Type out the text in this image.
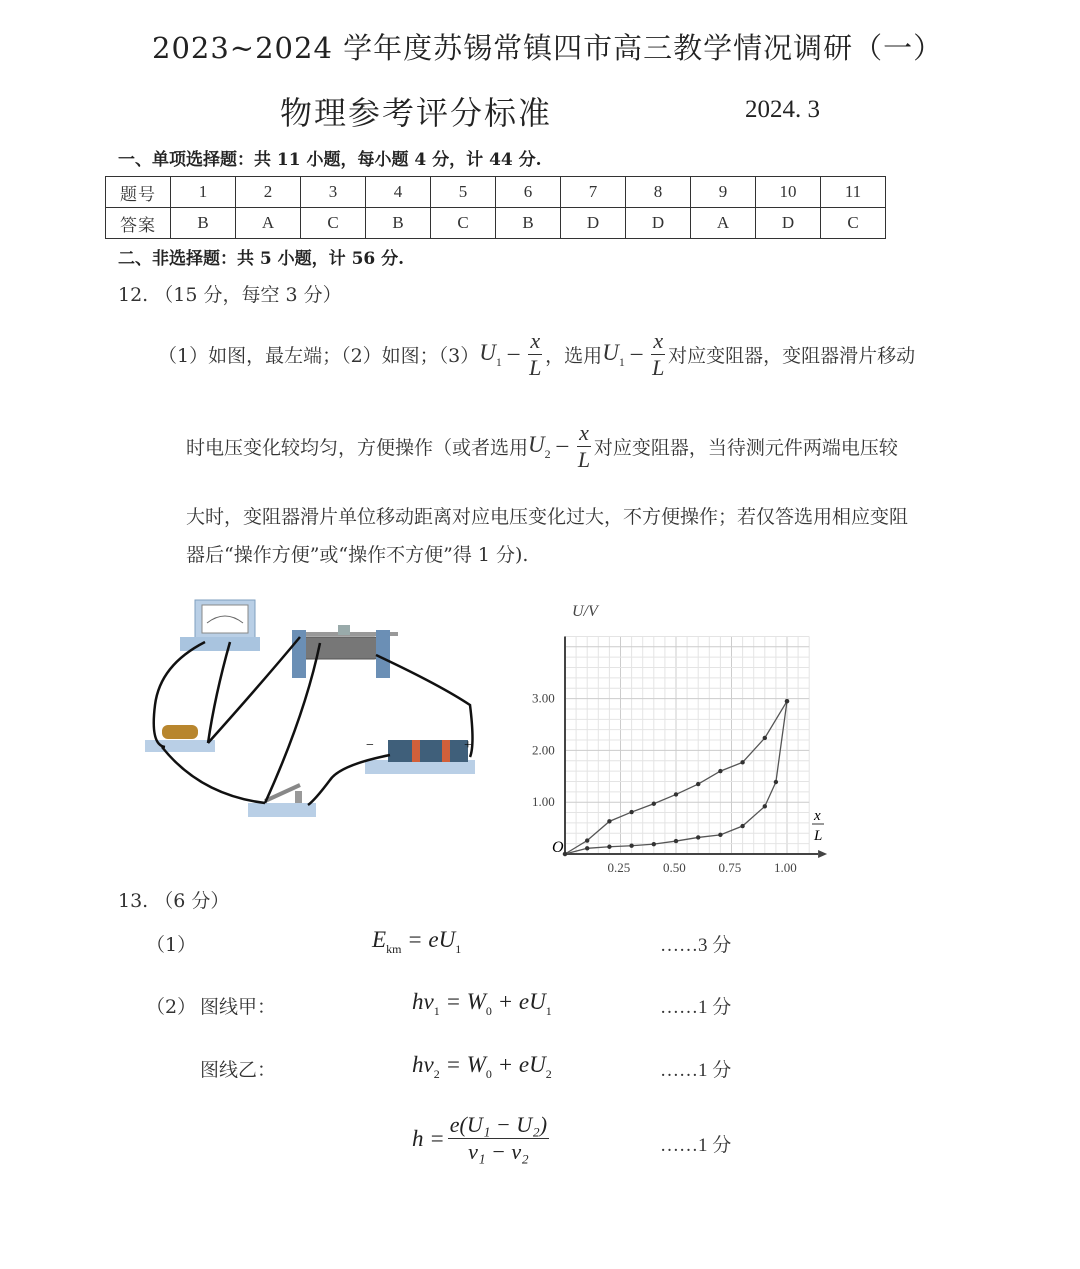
2023~2024 学年度苏锡常镇四市高三教学情况调研（一）
物理参考评分标准	2024. 3
一、单项选择题：共 11 小题，每小题 4 分，计 44 分.
题号	1	2	3	4	5	6	7	8	9	10	11
答案	B	A	C	B	C	B	D	D	A	D	C
二、非选择题：共 5 小题，计 56 分.
12. （15 分，每空 3 分）
（1）如图，最左端；（2）如图；（3） $U_1 - \frac{x}{L}$ ，选用 $U_1 - \frac{x}{L}$ 对应变阻器，变阻器滑片移动
时电压变化较均匀，方便操作（或者选用 $U_2 - \frac{x}{L}$ 对应变阻器，当待测元件两端电压较
大时，变阻器滑片单位移动距离对应电压变化过大，不方便操作；若仅答选用相应变阻
器后“操作方便”或“操作不方便”得 1 分).
−	+
0.25	0.50	0.75	1.00
1.00
2.00
3.00
U/V
O
x
L
13. （6 分）
（1）	$E_{km} = eU_1$	……3 分
（2） 图线甲：	$h\nu_1 = W_0 + eU_1$	……1 分
图线乙：	$h\nu_2 = W_0 + eU_2$	……1 分
$h = \frac{\text{e(U₁ − U₂)}}{\text{ν₁ − ν₂}}$	……1 分
